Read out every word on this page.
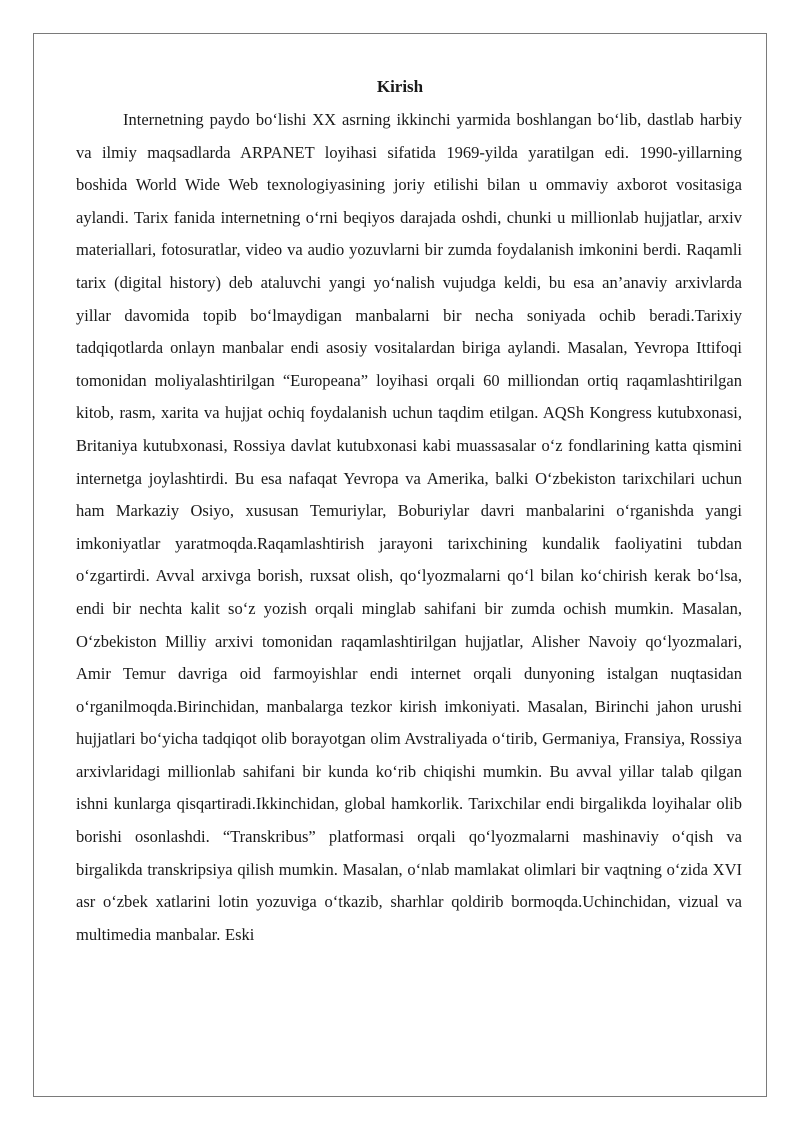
Kirish

Internetning paydo bo‘lishi XX asrning ikkinchi yarmida boshlangan bo‘lib, dastlab harbiy va ilmiy maqsadlarda ARPANET loyihasi sifatida 1969-yilda yaratilgan edi. 1990-yillarning boshida World Wide Web texnologiyasining joriy etilishi bilan u ommaviy axborot vositasiga aylandi. Tarix fanida internetning o‘rni beqiyos darajada oshdi, chunki u millionlab hujjatlar, arxiv materiallari, fotosuratlar, video va audio yozuvlarni bir zumda foydalanish imkonini berdi. Raqamli tarix (digital history) deb ataluvchi yangi yo‘nalish vujudga keldi, bu esa an’anaviy arxivlarda yillar davomida topib bo‘lmaydigan manbalarni bir necha soniyada ochib beradi.Tarixiy tadqiqotlarda onlayn manbalar endi asosiy vositalardan biriga aylandi. Masalan, Yevropa Ittifoqi tomonidan moliyalashtirilgan “Europeana” loyihasi orqali 60 milliondan ortiq raqamlashtirilgan kitob, rasm, xarita va hujjat ochiq foydalanish uchun taqdim etilgan. AQSh Kongress kutubxonasi, Britaniya kutubxonasi, Rossiya davlat kutubxonasi kabi muassasalar o‘z fondlarining katta qismini internetga joylashtirdi. Bu esa nafaqat Yevropa va Amerika, balki O‘zbekiston tarixchilari uchun ham Markaziy Osiyo, xususan Temuriylar, Boburiylar davri manbalarini o‘rganishda yangi imkoniyatlar yaratmoqda.Raqamlashtirish jarayoni tarixchining kundalik faoliyatini tubdan o‘zgartirdi. Avval arxivga borish, ruxsat olish, qo‘lyozmalarni qo‘l bilan ko‘chirish kerak bo‘lsa, endi bir nechta kalit so‘z yozish orqali minglab sahifani bir zumda ochish mumkin. Masalan, O‘zbekiston Milliy arxivi tomonidan raqamlashtirilgan hujjatlar, Alisher Navoiy qo‘lyozmalari, Amir Temur davriga oid farmoyishlar endi internet orqali dunyoning istalgan nuqtasidan o‘rganilmoqda.Birinchidan, manbalarga tezkor kirish imkoniyati. Masalan, Birinchi jahon urushi hujjatlari bo‘yicha tadqiqot olib borayotgan olim Avstraliyada o‘tirib, Germaniya, Fransiya, Rossiya arxivlaridagi millionlab sahifani bir kunda ko‘rib chiqishi mumkin. Bu avval yillar talab qilgan ishni kunlarga qisqartiradi.Ikkinchidan, global hamkorlik. Tarixchilar endi birgalikda loyihalar olib borishi osonlashdi. “Transkribus” platformasi orqali qo‘lyozmalarni mashinaviy o‘qish va birgalikda transkripsiya qilish mumkin. Masalan, o‘nlab mamlakat olimlari bir vaqtning o‘zida XVI asr o‘zbek xatlarini lotin yozuviga o‘tkazib, sharhlar qoldirib bormoqda.Uchinchidan, vizual va multimedia manbalar. Eski
